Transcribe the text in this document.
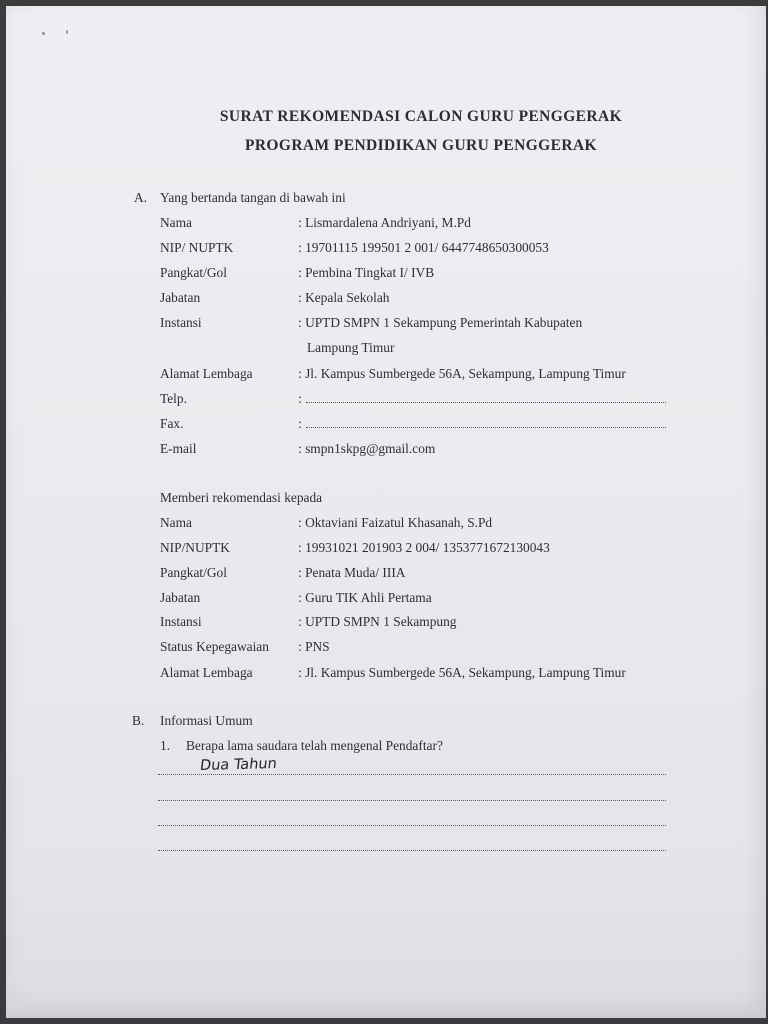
SURAT REKOMENDASI CALON GURU PENGGERAK
PROGRAM PENDIDIKAN GURU PENGGERAK
A. Yang bertanda tangan di bawah ini
Nama	: Lismardalena Andriyani, M.Pd
NIP/ NUPTK	: 19701115 199501 2 001/ 6447748650300053
Pangkat/Gol	: Pembina Tingkat I/ IVB
Jabatan	: Kepala Sekolah
Instansi	: UPTD SMPN 1 Sekampung Pemerintah Kabupaten
Lampung Timur
Alamat Lembaga	: Jl. Kampus Sumbergede 56A, Sekampung, Lampung Timur
Telp.	:
Fax.	:
E-mail	: smpn1skpg@gmail.com
Memberi rekomendasi kepada
Nama	: Oktaviani Faizatul Khasanah, S.Pd
NIP/NUPTK	: 19931021 201903 2 004/ 1353771672130043
Pangkat/Gol	: Penata Muda/ IIIA
Jabatan	: Guru TIK Ahli Pertama
Instansi	: UPTD SMPN 1 Sekampung
Status Kepegawaian : PNS
Alamat Lembaga	: Jl. Kampus Sumbergede 56A, Sekampung, Lampung Timur
B. Informasi Umum
1. Berapa lama saudara telah mengenal Pendaftar?
Dua Tahun
